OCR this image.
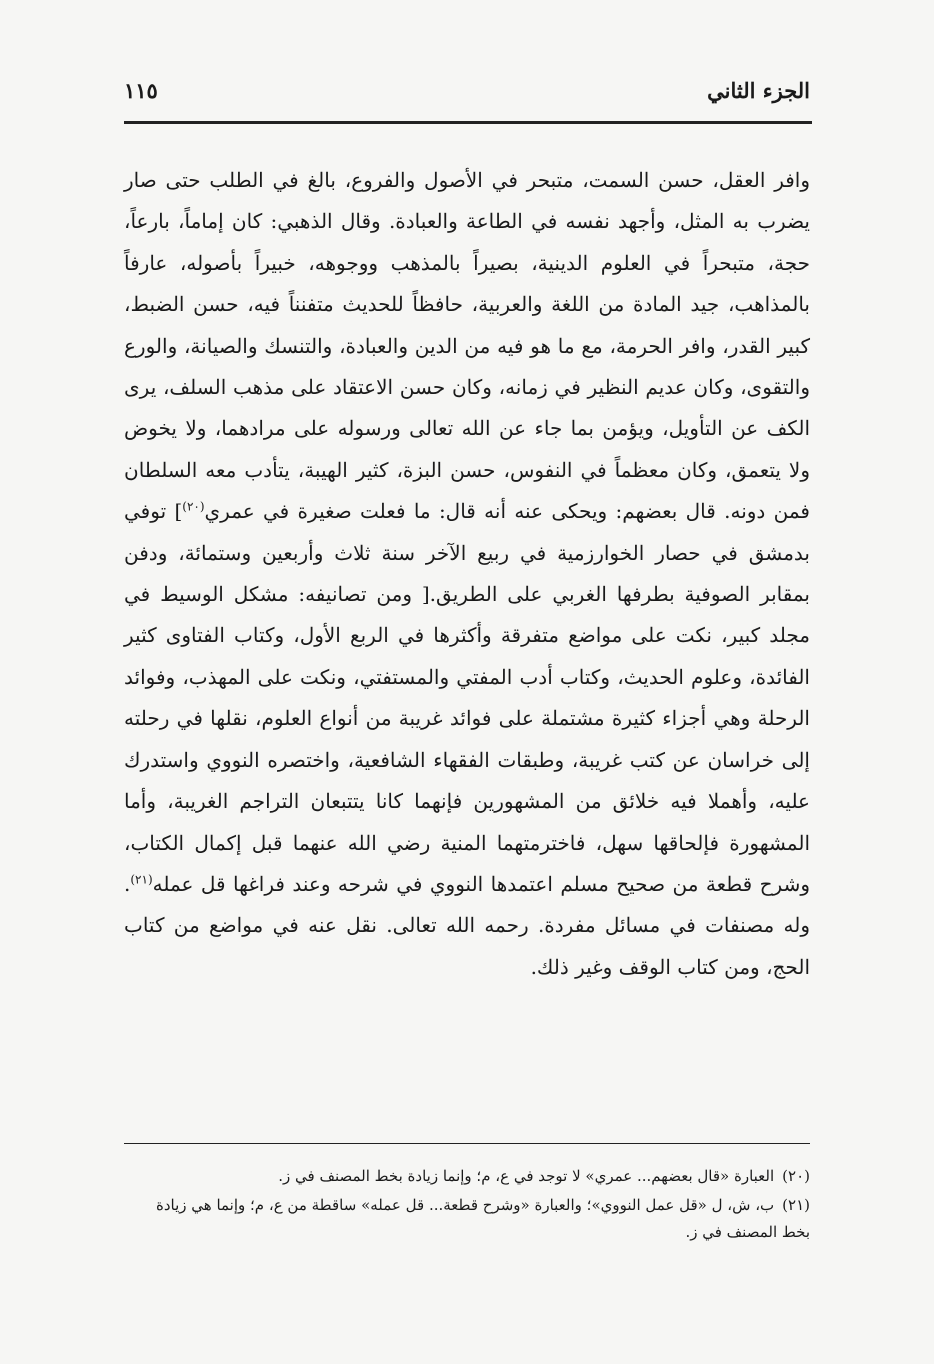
الجزء الثاني
١١٥

وافر العقل، حسن السمت، متبحر في الأصول والفروع، بالغ في الطلب حتى صار يضرب به المثل، وأجهد نفسه في الطاعة والعبادة. وقال الذهبي: كان إماماً، بارعاً، حجة، متبحراً في العلوم الدينية، بصيراً بالمذهب ووجوهه، خبيراً بأصوله، عارفاً بالمذاهب، جيد المادة من اللغة والعربية، حافظاً للحديث متفنناً فيه، حسن الضبط، كبير القدر، وافر الحرمة، مع ما هو فيه من الدين والعبادة، والتنسك والصيانة، والورع والتقوى، وكان عديم النظير في زمانه، وكان حسن الاعتقاد على مذهب السلف، يرى الكف عن التأويل، ويؤمن بما جاء عن الله تعالى ورسوله على مرادهما، ولا يخوض ولا يتعمق، وكان معظماً في النفوس، حسن البزة، كثير الهيبة، يتأدب معه السلطان فمن دونه. قال بعضهم: ويحكى عنه أنه قال: ما فعلت صغيرة في عمري$^{(٢٠)}$] توفي بدمشق في حصار الخوارزمية في ربيع الآخر سنة ثلاث وأربعين وستمائة، ودفن بمقابر الصوفية بطرفها الغربي على الطريق.[ ومن تصانيفه: مشكل الوسيط في مجلد كبير، نكت على مواضع متفرقة وأكثرها في الربع الأول، وكتاب الفتاوى كثير الفائدة، وعلوم الحديث، وكتاب أدب المفتي والمستفتي، ونكت على المهذب، وفوائد الرحلة وهي أجزاء كثيرة مشتملة على فوائد غريبة من أنواع العلوم، نقلها في رحلته إلى خراسان عن كتب غريبة، وطبقات الفقهاء الشافعية، واختصره النووي واستدرك عليه، وأهملا فيه خلائق من المشهورين فإنهما كانا يتتبعان التراجم الغريبة، وأما المشهورة فإلحاقها سهل، فاخترمتهما المنية رضي الله عنهما قبل إكمال الكتاب، وشرح قطعة من صحيح مسلم اعتمدها النووي في شرحه وعند فراغها قل عمله$^{(٢١)}$. وله مصنفات في مسائل مفردة. رحمه الله تعالى. نقل عنه في مواضع من كتاب الحج، ومن كتاب الوقف وغير ذلك.

(٢٠)العبارة «قال بعضهم... عمري» لا توجد في ع، م؛ وإنما زيادة بخط المصنف في ز.

(٢١)ب، ش، ل «قل عمل النووي»؛ والعبارة «وشرح قطعة... قل عمله» ساقطة من ع، م؛ وإنما هي زيادة بخط المصنف في ز.
